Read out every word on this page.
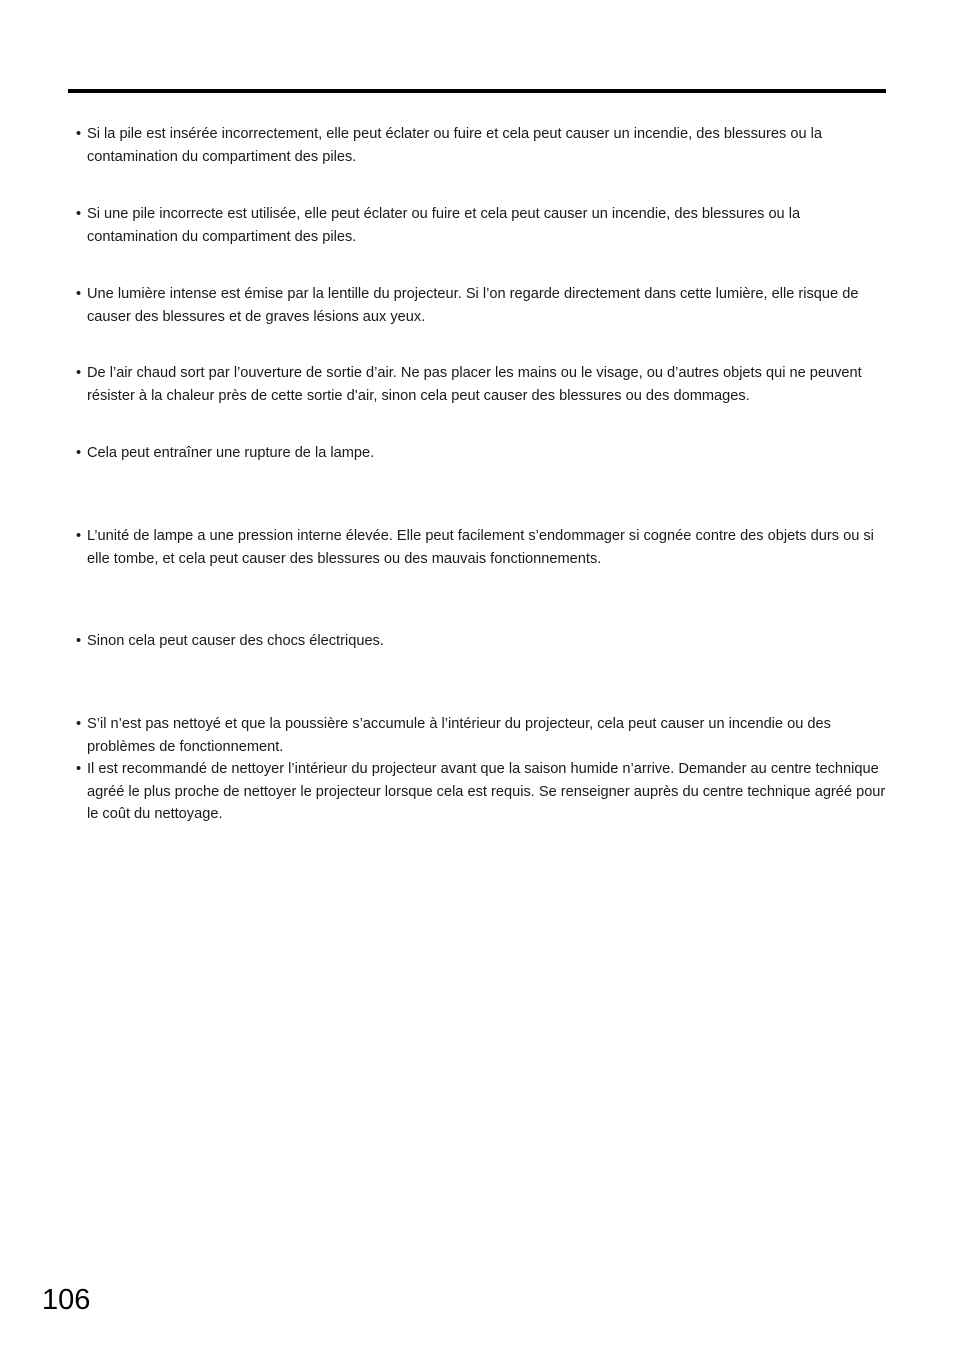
• Si la pile est insérée incorrectement, elle peut éclater ou fuire et cela peut causer un incendie, des blessures ou la contamination du compartiment des piles.
• Si une pile incorrecte est utilisée, elle peut éclater ou fuire et cela peut causer un incendie, des blessures ou la contamination du compartiment des piles.
• Une lumière intense est émise par la lentille du projecteur. Si l’on regarde directement dans cette lumière, elle risque de causer des blessures et de graves lésions aux yeux.
• De l’air chaud sort par l’ouverture de sortie d’air. Ne pas placer les mains ou le visage, ou d’autres objets qui ne peuvent résister à la chaleur près de cette sortie d’air, sinon cela peut causer des blessures ou des dommages.
• Cela peut entraîner une rupture de la lampe.
• L’unité de lampe a une pression interne élevée. Elle peut facilement s’endommager si cognée contre des objets durs ou si elle tombe, et cela peut causer des blessures ou des mauvais fonctionnements.
• Sinon cela peut causer des chocs électriques.
• S’il n’est pas nettoyé et que la poussière s’accumule à l’intérieur du projecteur, cela peut causer un incendie ou des problèmes de fonctionnement.
• Il est recommandé de nettoyer l’intérieur du projecteur avant que la saison humide n’arrive. Demander au centre technique agréé le plus proche de nettoyer le projecteur lorsque cela est requis. Se renseigner auprès du centre technique agréé pour le coût du nettoyage.
106
